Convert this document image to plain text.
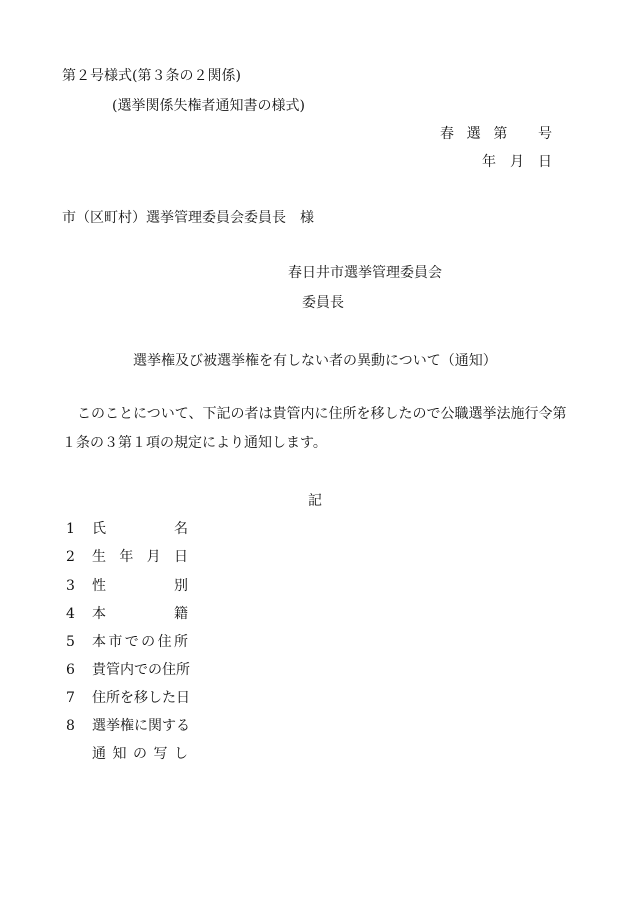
第２号様式(第３条の２関係)
(選挙関係失権者通知書の様式)
春 選 第 号
年 月 日
市（区町村）選挙管理委員会委員長　様
春日井市選挙管理委員会
委員長
選挙権及び被選挙権を有しない者の異動について（通知）
このことについて、下記の者は貴管内に住所を移したので公職選挙法施行令第
１条の３第１項の規定により通知します。
記
1 氏	名
2 生 年 月 日
3 性	別
4 本	籍
5 本 市 で の 住 所
6 貴管内での住所
7 住所を移した日
8 選挙権に関する
通 知 の 写 し
